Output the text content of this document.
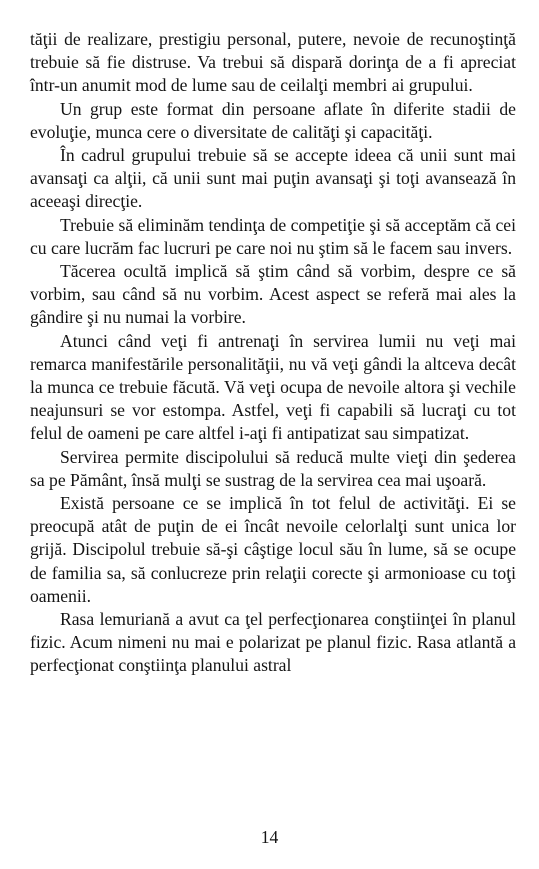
tăţii de realizare, prestigiu personal, putere, nevoie de recunoştinţă trebuie să fie distruse. Va trebui să dispară dorinţa de a fi apreciat într-un anumit mod de lume sau de ceilalţi membri ai grupului.

Un grup este format din persoane aflate în diferite stadii de evoluţie, munca cere o diversitate de calităţi şi capacităţi.

În cadrul grupului trebuie să se accepte ideea că unii sunt mai avansaţi ca alţii, că unii sunt mai puţin avansaţi şi toţi avansează în aceeaşi direcţie.

Trebuie să eliminăm tendinţa de competiţie şi să acceptăm că cei cu care lucrăm fac lucruri pe care noi nu ştim să le facem sau invers.

Tăcerea ocultă implică să ştim când să vorbim, despre ce să vorbim, sau când să nu vorbim. Acest aspect se referă mai ales la gândire şi nu numai la vorbire.

Atunci când veţi fi antrenaţi în servirea lumii nu veţi mai remarca manifestările personalităţii, nu vă veţi gândi la altceva decât la munca ce trebuie făcută. Vă veţi ocupa de nevoile altora şi vechile neajunsuri se vor estompa. Astfel, veţi fi capabili să lucraţi cu tot felul de oameni pe care altfel i-aţi fi antipatizat sau simpatizat.

Servirea permite discipolului să reducă multe vieţi din şederea sa pe Pământ, însă mulţi se sustrag de la servirea cea mai uşoară.

Există persoane ce se implică în tot felul de activităţi. Ei se preocupă atât de puţin de ei încât nevoile celorlalţi sunt unica lor grijă. Discipolul trebuie să-şi câştige locul său în lume, să se ocupe de familia sa, să conlucreze prin relaţii corecte şi armonioase cu toţi oamenii.

Rasa lemuriană a avut ca ţel perfecţionarea conştiinţei în planul fizic. Acum nimeni nu mai e polarizat pe planul fizic. Rasa atlantă a perfecţionat conştiinţa planului astral

14
